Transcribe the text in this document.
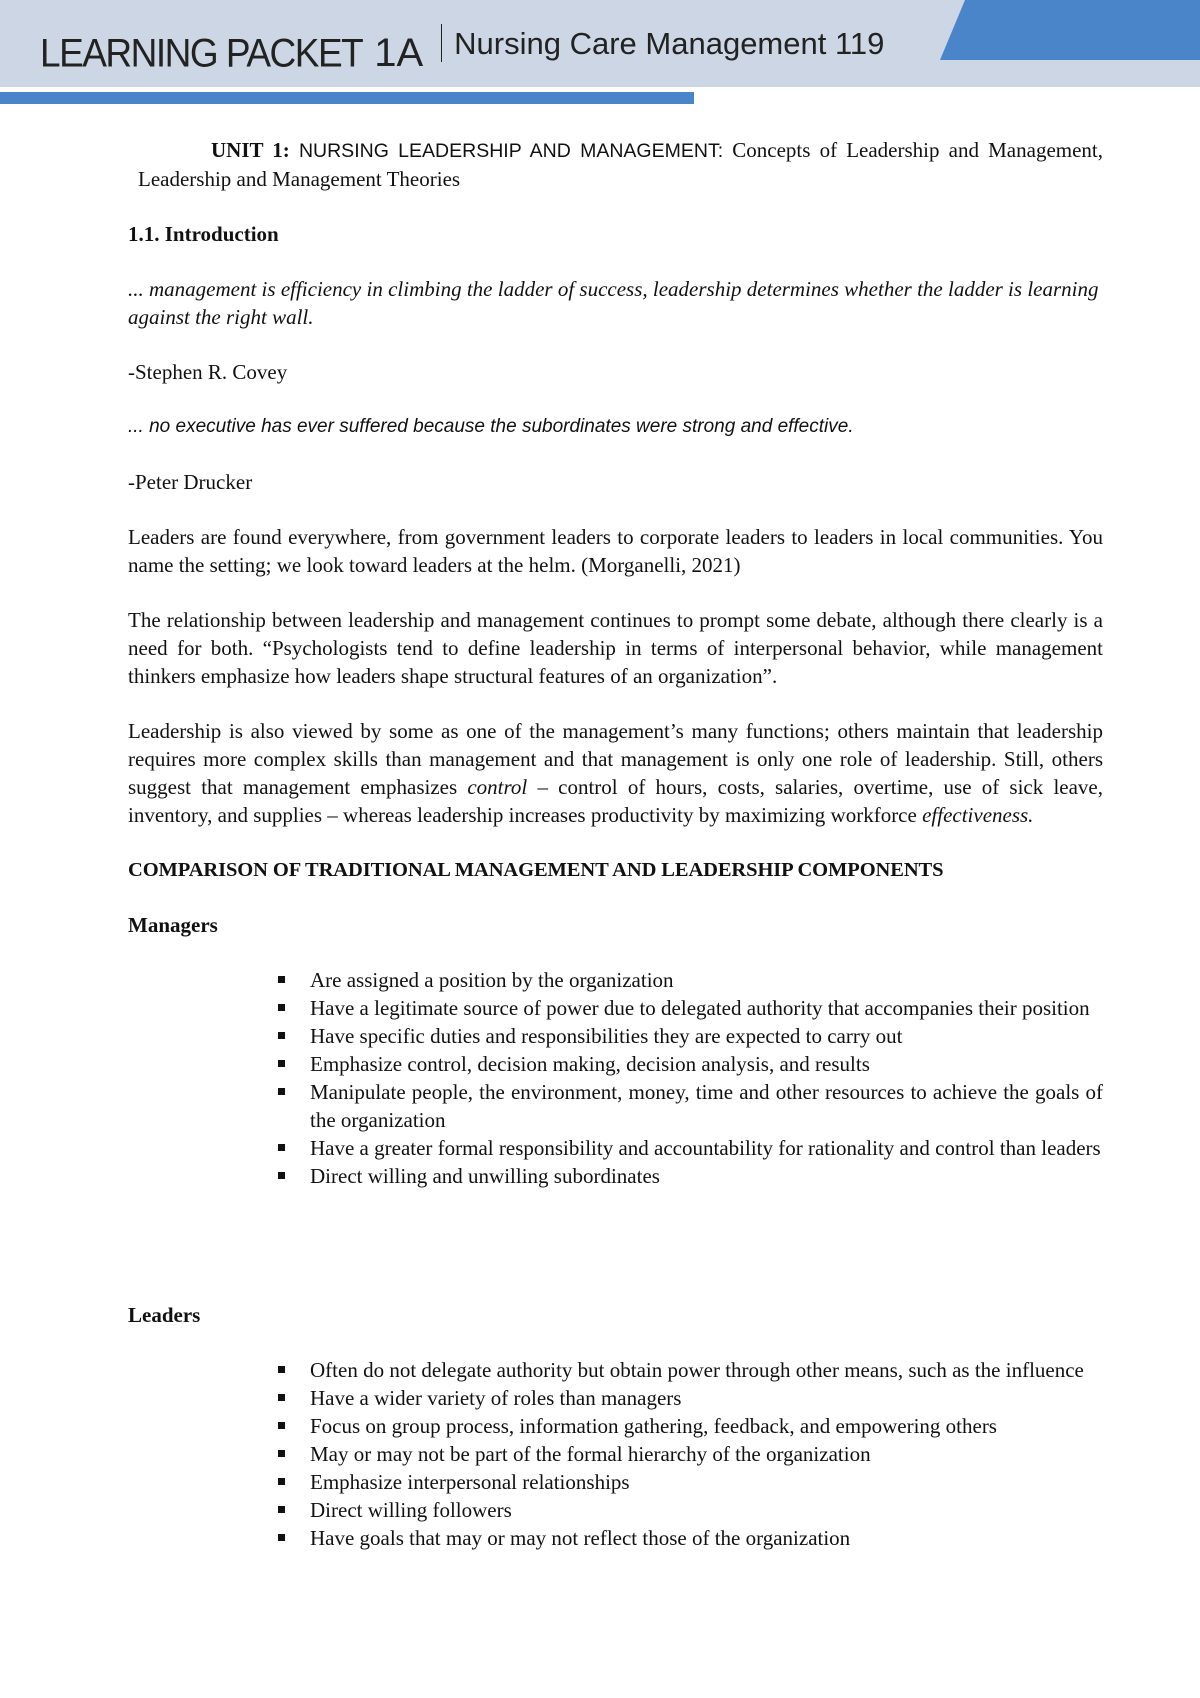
LEARNING PACKET 1A Nursing Care Management 119

UNIT 1: NURSING LEADERSHIP AND MANAGEMENT: Concepts of Leadership and Management, Leadership and Management Theories

1.1. Introduction

... management is efficiency in climbing the ladder of success, leadership determines whether the ladder is learning against the right wall.

-Stephen R. Covey

... no executive has ever suffered because the subordinates were strong and effective.

-Peter Drucker

Leaders are found everywhere, from government leaders to corporate leaders to leaders in local communities. You name the setting; we look toward leaders at the helm. (Morganelli, 2021)

The relationship between leadership and management continues to prompt some debate, although there clearly is a need for both. “Psychologists tend to define leadership in terms of interpersonal behavior, while management thinkers emphasize how leaders shape structural features of an organization”.

Leadership is also viewed by some as one of the management’s many functions; others maintain that leadership requires more complex skills than management and that management is only one role of leadership. Still, others suggest that management emphasizes control – control of hours, costs, salaries, overtime, use of sick leave, inventory, and supplies – whereas leadership increases productivity by maximizing workforce effectiveness.

COMPARISON OF TRADITIONAL MANAGEMENT AND LEADERSHIP COMPONENTS

Managers

Are assigned a position by the organization
Have a legitimate source of power due to delegated authority that accompanies their position
Have specific duties and responsibilities they are expected to carry out
Emphasize control, decision making, decision analysis, and results
Manipulate people, the environment, money, time and other resources to achieve the goals of the organization
Have a greater formal responsibility and accountability for rationality and control than leaders
Direct willing and unwilling subordinates

Leaders

Often do not delegate authority but obtain power through other means, such as the influence
Have a wider variety of roles than managers
Focus on group process, information gathering, feedback, and empowering others
May or may not be part of the formal hierarchy of the organization
Emphasize interpersonal relationships
Direct willing followers
Have goals that may or may not reflect those of the organization
